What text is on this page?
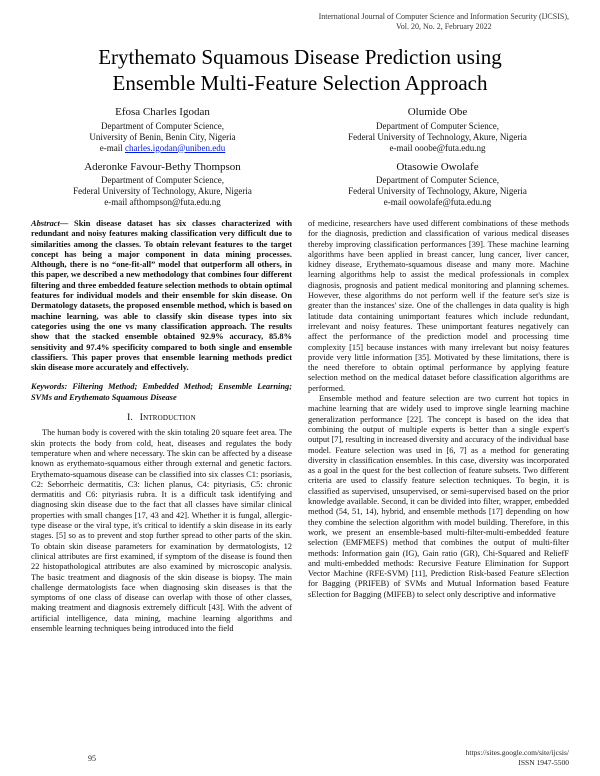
International Journal of Computer Science and Information Security (IJCSIS),
Vol. 20, No. 2, February 2022
Erythemato Squamous Disease Prediction using Ensemble Multi-Feature Selection Approach
Efosa Charles Igodan
Department of Computer Science,
University of Benin, Benin City, Nigeria
e-mail charles.igodan@uniben.edu
Olumide Obe
Department of Computer Science,
Federal University of Technology, Akure, Nigeria
e-mail ooobe@futa.edu.ng
Aderonke Favour-Bethy Thompson
Department of Computer Science,
Federal University of Technology, Akure, Nigeria
e-mail afthompson@futa.edu.ng
Otasowie Owolafe
Department of Computer Science,
Federal University of Technology, Akure, Nigeria
e-mail oowolafe@futa.edu.ng

Abstract— Skin disease dataset has six classes characterized with redundant and noisy features making classification very difficult due to similarities among the classes. To obtain relevant features to the target concept has being a major component in data mining processes. Although, there is no “one-fit-all” model that outperform all others, in this paper, we described a new methodology that combines four different filtering and three embedded feature selection methods to obtain optimal features for individual models and their ensemble for skin disease. On Dermatology datasets, the proposed ensemble method, which is based on machine learning, was able to classify skin disease types into six categories using the one vs many classification approach. The results show that the stacked ensemble obtained 92.9% accuracy, 85.8% sensitivity and 97.4% specificity compared to both single and ensemble classifiers. This paper proves that ensemble learning methods predict skin disease more accurately and effectively.

Keywords: Filtering Method; Embedded Method; Ensemble Learning; SVMs and Erythemato Squamous Disease

I. Introduction

The human body is covered with the skin totaling 20 square feet area. The skin protects the body from cold, heat, diseases and regulates the body temperature when and where necessary. The skin can be affected by a disease known as erythemato-squamous either through external and genetic factors. Erythemato-squamous disease can be classified into six classes C1: psoriasis, C2: Seborrheic dermatitis, C3: lichen planus, C4: pityriasis, C5: chronic dermatitis and C6: pityriasis rubra. It is a difficult task identifying and diagnosing skin disease due to the fact that all classes have similar clinical properties with small changes [17, 43 and 42]. Whether it is fungal, allergic-type disease or the viral type, it's critical to identify a skin disease in its early stages. [5] so as to prevent and stop further spread to other parts of the skin. To obtain skin disease parameters for examination by dermatologists, 12 clinical attributes are first examined, if symptom of the disease is found then 22 histopathological attributes are also examined by microscopic analysis. The basic treatment and diagnosis of the skin disease is biopsy. The main challenge dermatologists face when diagnosing skin diseases is that the symptoms of one class of disease can overlap with those of other classes, making treatment and diagnosis extremely difficult [43]. With the advent of artificial intelligence, data mining, machine learning algorithms and ensemble learning techniques being introduced into the field

of medicine, researchers have used different combinations of these methods for the diagnosis, prediction and classification of various medical diseases thereby improving classification performances [39]. These machine learning algorithms have been applied in breast cancer, lung cancer, liver cancer, kidney disease, Erythemato-squamous disease and many more. Machine learning algorithms help to assist the medical professionals in complex diagnosis, prognosis and patient medical monitoring and planning schemes. However, these algorithms do not perform well if the feature set's size is greater than the instances' size. One of the challenges in data quality is high latitude data containing unimportant features which include redundant, irrelevant and noisy features. These unimportant features negatively can affect the performance of the prediction model and processing time complexity [15] because instances with many irrelevant but noisy features provide very little information [35]. Motivated by these limitations, there is the need therefore to obtain optimal performance by applying feature selection method on the medical dataset before classification algorithms are performed.

Ensemble method and feature selection are two current hot topics in machine learning that are widely used to improve single learning machine generalization performance [22]. The concept is based on the idea that combining the output of multiple experts is better than a single expert's output [7], resulting in increased diversity and accuracy of the individual base model. Feature selection was used in [6, 7] as a method for generating diversity in classification ensembles. In this case, diversity was incorporated as a goal in the quest for the best collection of feature subsets. Two different criteria are used to classify feature selection techniques. To begin, it is classified as supervised, unsupervised, or semi-supervised based on the prior knowledge available. Second, it can be divided into filter, wrapper, embedded method (54, 51, 14), hybrid, and ensemble methods [17] depending on how they combine the selection algorithm with model building. Therefore, in this work, we present an ensemble-based multi-filter-multi-embedded feature selection (EMFMEFS) method that combines the output of multi-filter methods: Information gain (IG), Gain ratio (GR), Chi-Squared and ReliefF and multi-embedded methods: Recursive Feature Elimination for Support Vector Machine (RFE-SVM) [11], Prediction Risk-based Feature sElection for Bagging (PRIFEB) of SVMs and Mutual Information based Feature sElection for Bagging (MIFEB) to select only descriptive and informative

95
https://sites.google.com/site/ijcsis/
ISSN 1947-5500
